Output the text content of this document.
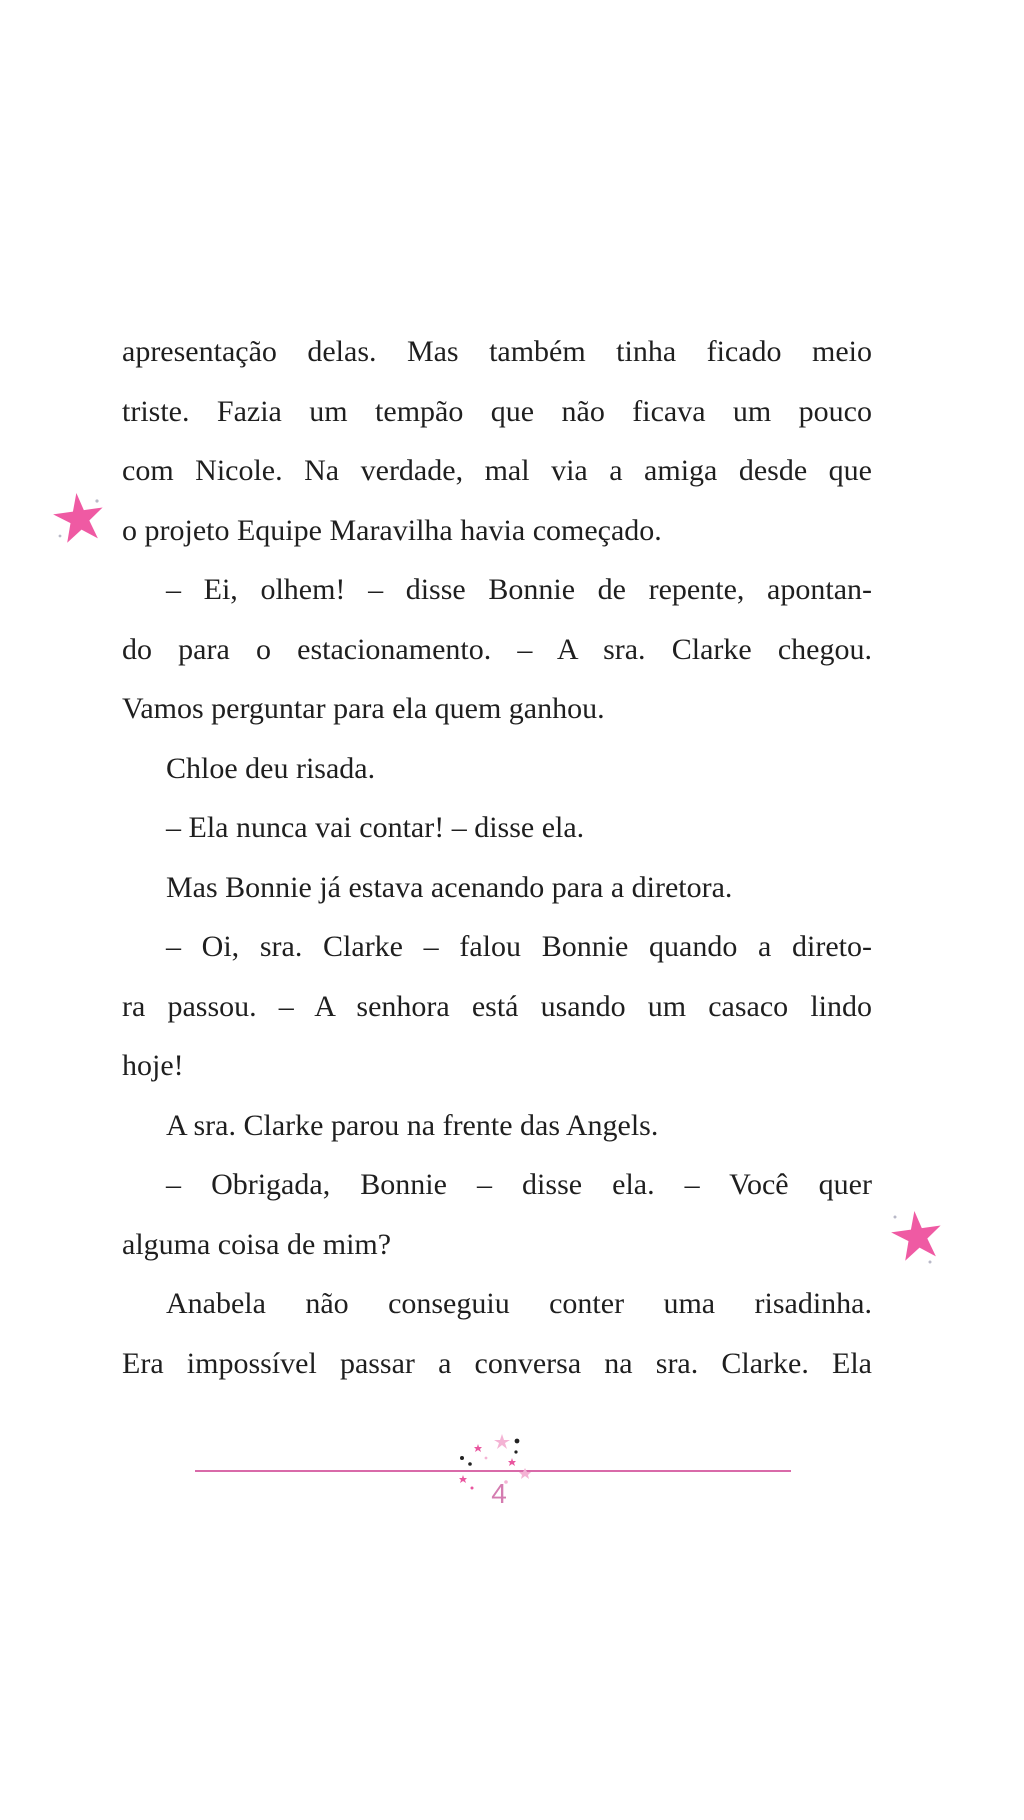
apresentação delas. Mas também tinha ficado meio
triste. Fazia um tempão que não ficava um pouco
com Nicole. Na verdade, mal via a amiga desde que
o projeto Equipe Maravilha havia começado.
– Ei, olhem! – disse Bonnie de repente, apontan-
do para o estacionamento. – A sra. Clarke chegou.
Vamos perguntar para ela quem ganhou.
Chloe deu risada.
– Ela nunca vai contar! – disse ela.
Mas Bonnie já estava acenando para a diretora.
– Oi, sra. Clarke – falou Bonnie quando a direto-
ra passou. – A senhora está usando um casaco lindo
hoje!
A sra. Clarke parou na frente das Angels.
– Obrigada, Bonnie – disse ela. – Você quer
alguma coisa de mim?
Anabela não conseguiu conter uma risadinha.
Era impossível passar a conversa na sra. Clarke. Ela
4
